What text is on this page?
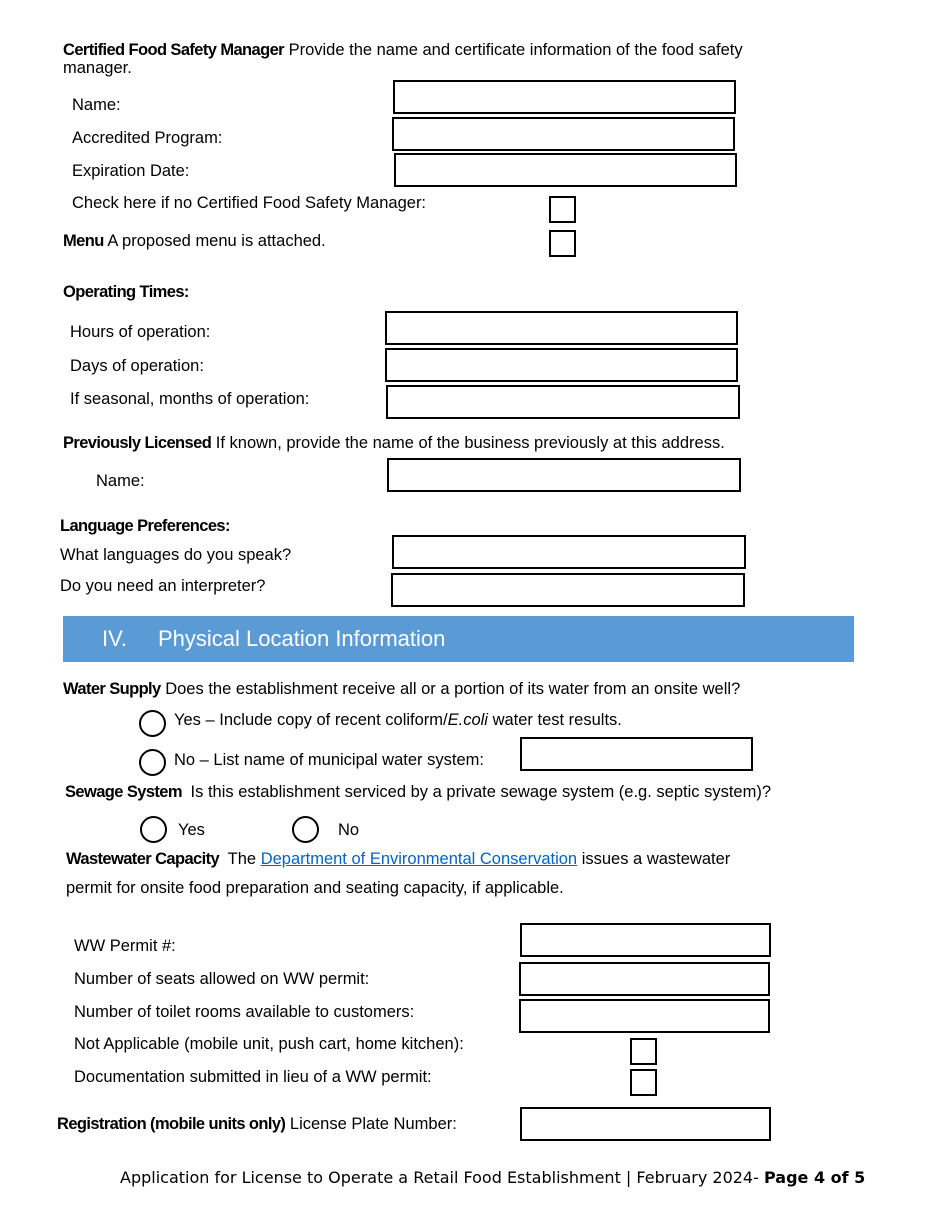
Certified Food Safety Manager Provide the name and certificate information of the food safety
manager.
Name:
Accredited Program:
Expiration Date:
Check here if no Certified Food Safety Manager:
Menu A proposed menu is attached.
Operating Times:
Hours of operation:
Days of operation:
If seasonal, months of operation:
Previously Licensed If known, provide the name of the business previously at this address.
Name:
Language Preferences:
What languages do you speak?
Do you need an interpreter?
IV. Physical Location Information
Water Supply Does the establishment receive all or a portion of its water from an onsite well?
Yes – Include copy of recent coliform/E.coli water test results.
No – List name of municipal water system:
Sewage System Is this establishment serviced by a private sewage system (e.g. septic system)?
Yes	No
Wastewater Capacity The Department of Environmental Conservation issues a wastewater
permit for onsite food preparation and seating capacity, if applicable.
WW Permit #:
Number of seats allowed on WW permit:
Number of toilet rooms available to customers:
Not Applicable (mobile unit, push cart, home kitchen):
Documentation submitted in lieu of a WW permit:
Registration (mobile units only) License Plate Number:
Application for License to Operate a Retail Food Establishment | February 2024- Page 4 of 5
